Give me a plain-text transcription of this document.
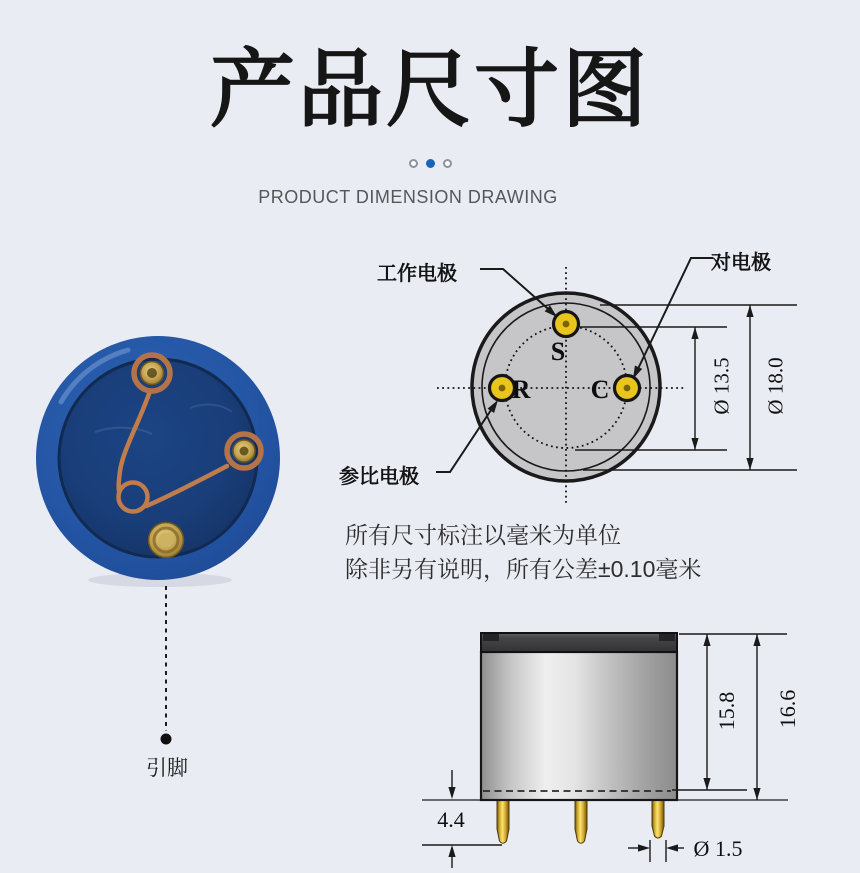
产品尺寸图
PRODUCT DIMENSION DRAWING
工作电极	对电极
参比电极
S
R C	Ø 13.5 Ø 18.0
所有尺寸标注以毫米为单位
除非另有说明，所有公差±0.10毫米
15.8 16.6
4.4
Ø 1.5
引脚
